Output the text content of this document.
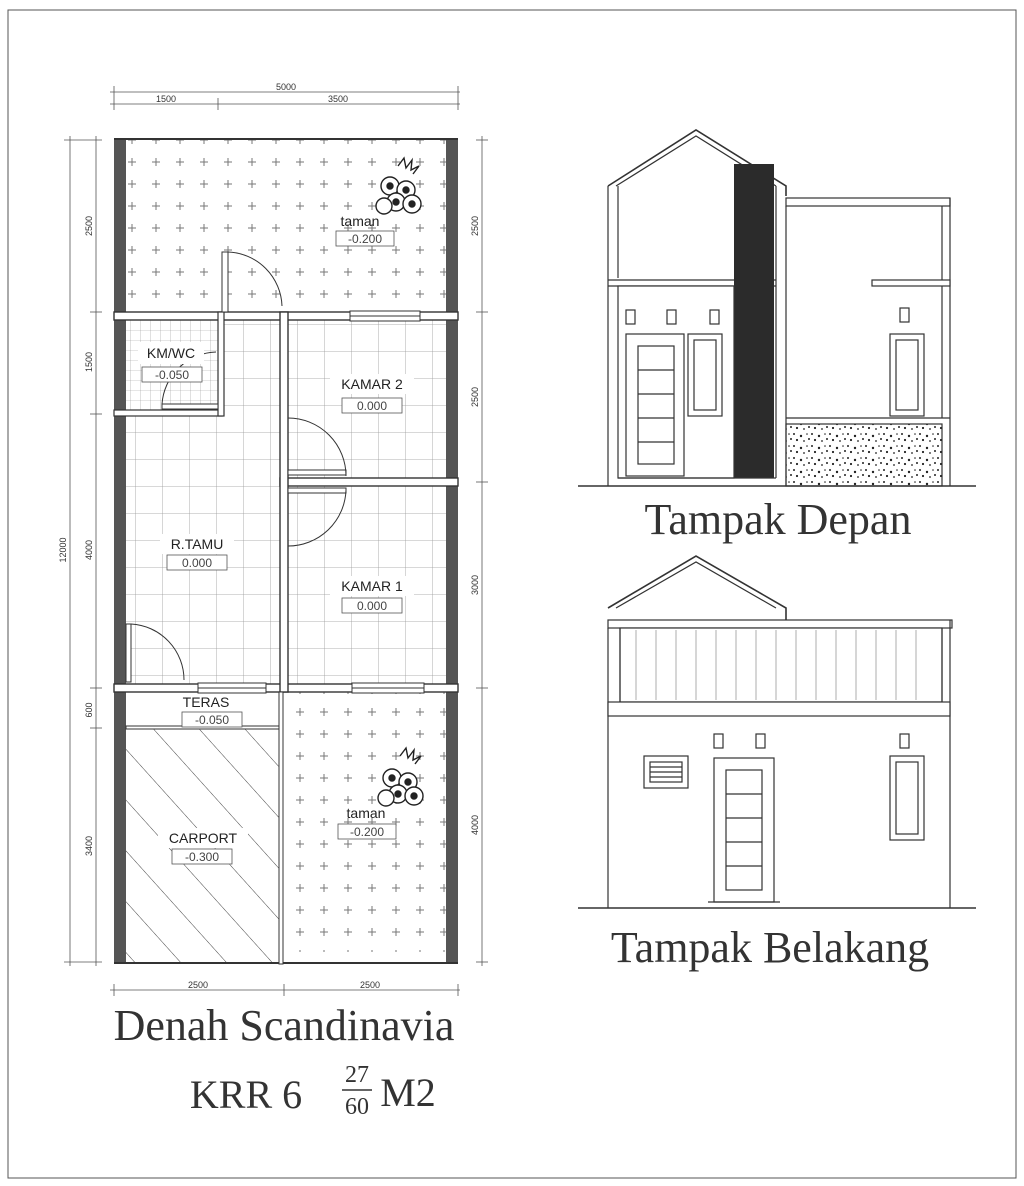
taman
-0.200
KM/WC
-0.050
KAMAR 2
0.000
R.TAMU
0.000
KAMAR 1
0.000
TERAS
-0.050
CARPORT
-0.300
taman
-0.200
5000
1500	3500
2500	2500
12000
2500
1500
4000
600
3400
2500
2500
3000
4000
Denah Scandinavia
KRR 6 27
60 M2
Tampak Depan
Tampak Belakang
